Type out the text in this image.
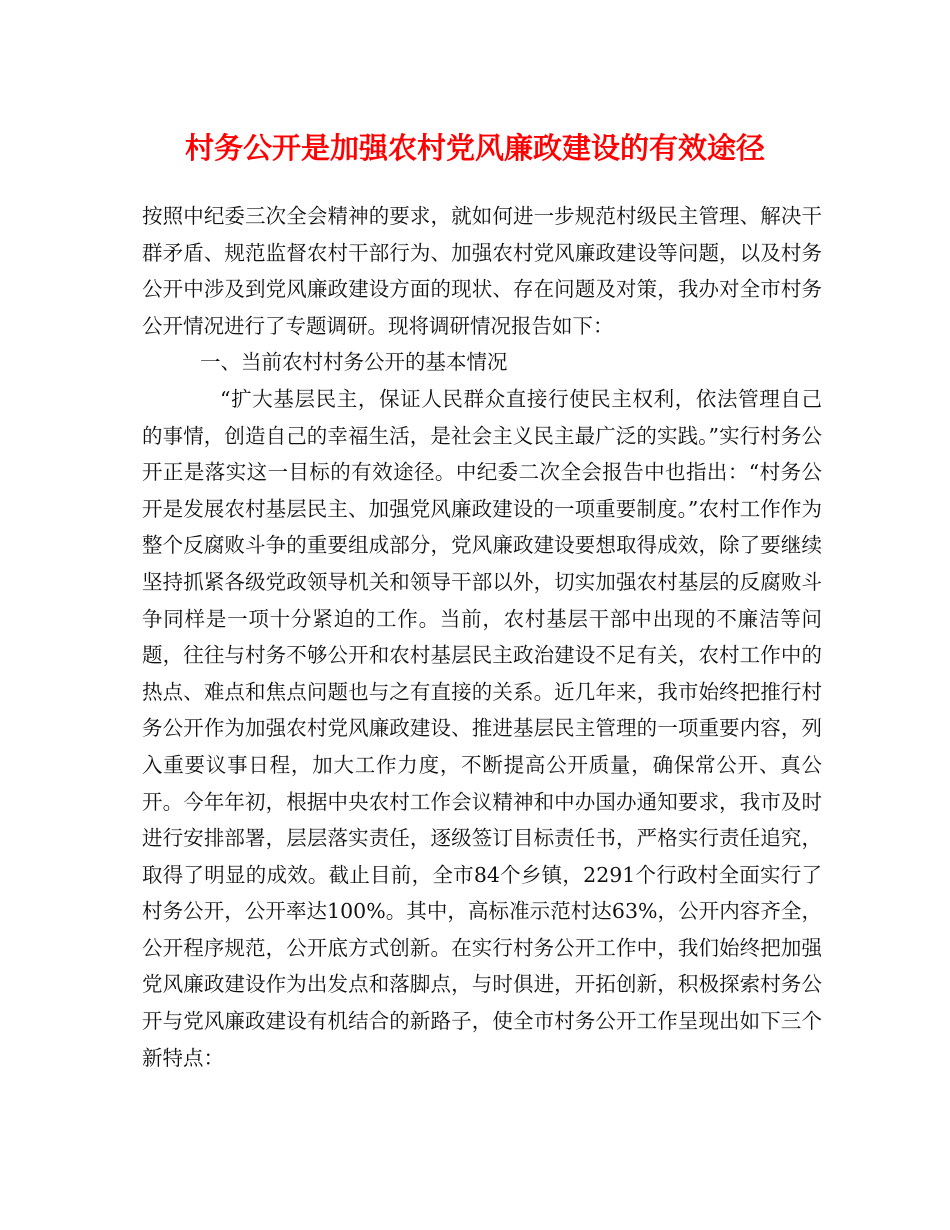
村务公开是加强农村党风廉政建设的有效途径

按照中纪委三次全会精神的要求，就如何进一步规范村级民主管理、解决干群矛盾、规范监督农村干部行为、加强农村党风廉政建设等问题，以及村务公开中涉及到党风廉政建设方面的现状、存在问题及对策，我办对全市村务公开情况进行了专题调研。现将调研情况报告如下：

一、当前农村村务公开的基本情况

“扩大基层民主，保证人民群众直接行使民主权利，依法管理自己的事情，创造自己的幸福生活，是社会主义民主最广泛的实践。”实行村务公开正是落实这一目标的有效途径。中纪委二次全会报告中也指出：“村务公开是发展农村基层民主、加强党风廉政建设的一项重要制度。”农村工作作为整个反腐败斗争的重要组成部分，党风廉政建设要想取得成效，除了要继续坚持抓紧各级党政领导机关和领导干部以外，切实加强农村基层的反腐败斗争同样是一项十分紧迫的工作。当前，农村基层干部中出现的不廉洁等问题，往往与村务不够公开和农村基层民主政治建设不足有关，农村工作中的热点、难点和焦点问题也与之有直接的关系。近几年来，我市始终把推行村务公开作为加强农村党风廉政建设、推进基层民主管理的一项重要内容，列入重要议事日程，加大工作力度，不断提高公开质量，确保常公开、真公开。今年年初，根据中央农村工作会议精神和中办国办通知要求，我市及时进行安排部署，层层落实责任，逐级签订目标责任书，严格实行责任追究，取得了明显的成效。截止目前，全市84个乡镇，2291个行政村全面实行了村务公开，公开率达100%。其中，高标准示范村达63%，公开内容齐全，公开程序规范，公开底方式创新。在实行村务公开工作中，我们始终把加强党风廉政建设作为出发点和落脚点，与时俱进，开拓创新，积极探索村务公开与党风廉政建设有机结合的新路子，使全市村务公开工作呈现出如下三个新特点：
